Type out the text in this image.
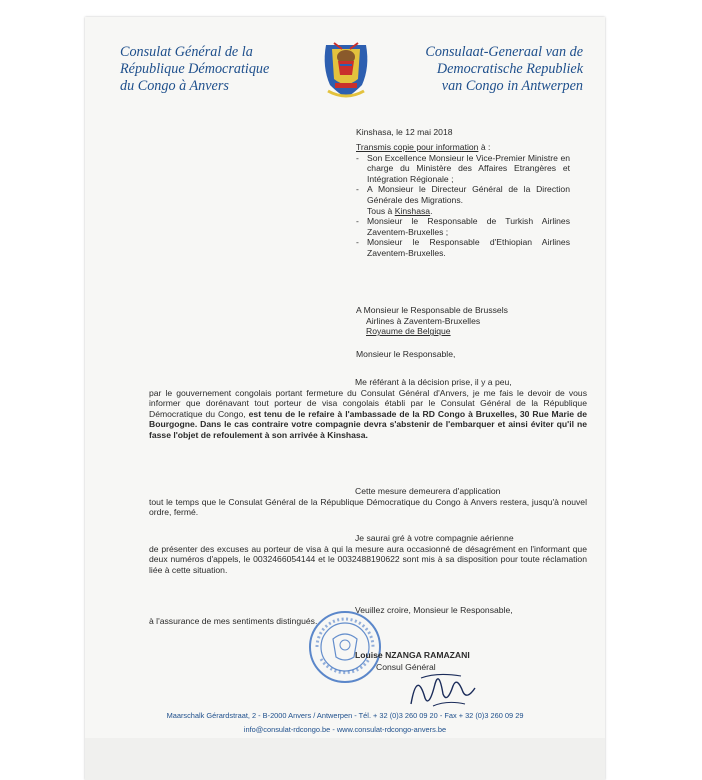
Consulat Général de la
République Démocratique
du Congo à Anvers
Consulaat-Generaal van de
Democratische Republiek
van Congo in Antwerpen
Kinshasa, le 12 mai 2018
Transmis copie pour information à :
- Son Excellence Monsieur le Vice-Premier Ministre en charge du Ministère des Affaires Etrangères et Intégration Régionale ;
- A Monsieur le Directeur Général de la Direction Générale des Migrations.
Tous à Kinshasa.
- Monsieur le Responsable de Turkish Airlines Zaventem-Bruxelles ;
- Monsieur le Responsable d'Ethiopian Airlines Zaventem-Bruxelles.
A Monsieur le Responsable de Brussels
Airlines à Zaventem-Bruxelles
Royaume de Belgique
Monsieur le Responsable,
Me référant à la décision prise, il y a peu,
par le gouvernement congolais portant fermeture du Consulat Général d'Anvers, je me fais le devoir de vous informer que dorénavant tout porteur de visa congolais établi par le Consulat Général de la République Démocratique du Congo, est tenu de le refaire à l'ambassade de la RD Congo à Bruxelles, 30 Rue Marie de Bourgogne. Dans le cas contraire votre compagnie devra s'abstenir de l'embarquer et ainsi éviter qu'il ne fasse l'objet de refoulement à son arrivée à Kinshasa.
Cette mesure demeurera d'application
tout le temps que le Consulat Général de la République Démocratique du Congo à Anvers restera, jusqu'à nouvel ordre, fermé.
Je saurai gré à votre compagnie aérienne
de présenter des excuses au porteur de visa à qui la mesure aura occasionné de désagrément en l'informant que deux numéros d'appels, le 0032466054144 et le 0032488190622 sont mis à sa disposition pour toute réclamation liée à cette situation.
Veuillez croire, Monsieur le Responsable,
à l'assurance de mes sentiments distingués.
Louise NZANGA RAMAZANI
Consul Général
Maarschalk Gérardstraat, 2 - B-2000 Anvers / Antwerpen - Tél. + 32 (0)3 260 09 20 - Fax + 32 (0)3 260 09 29
info@consulat-rdcongo.be - www.consulat-rdcongo-anvers.be
